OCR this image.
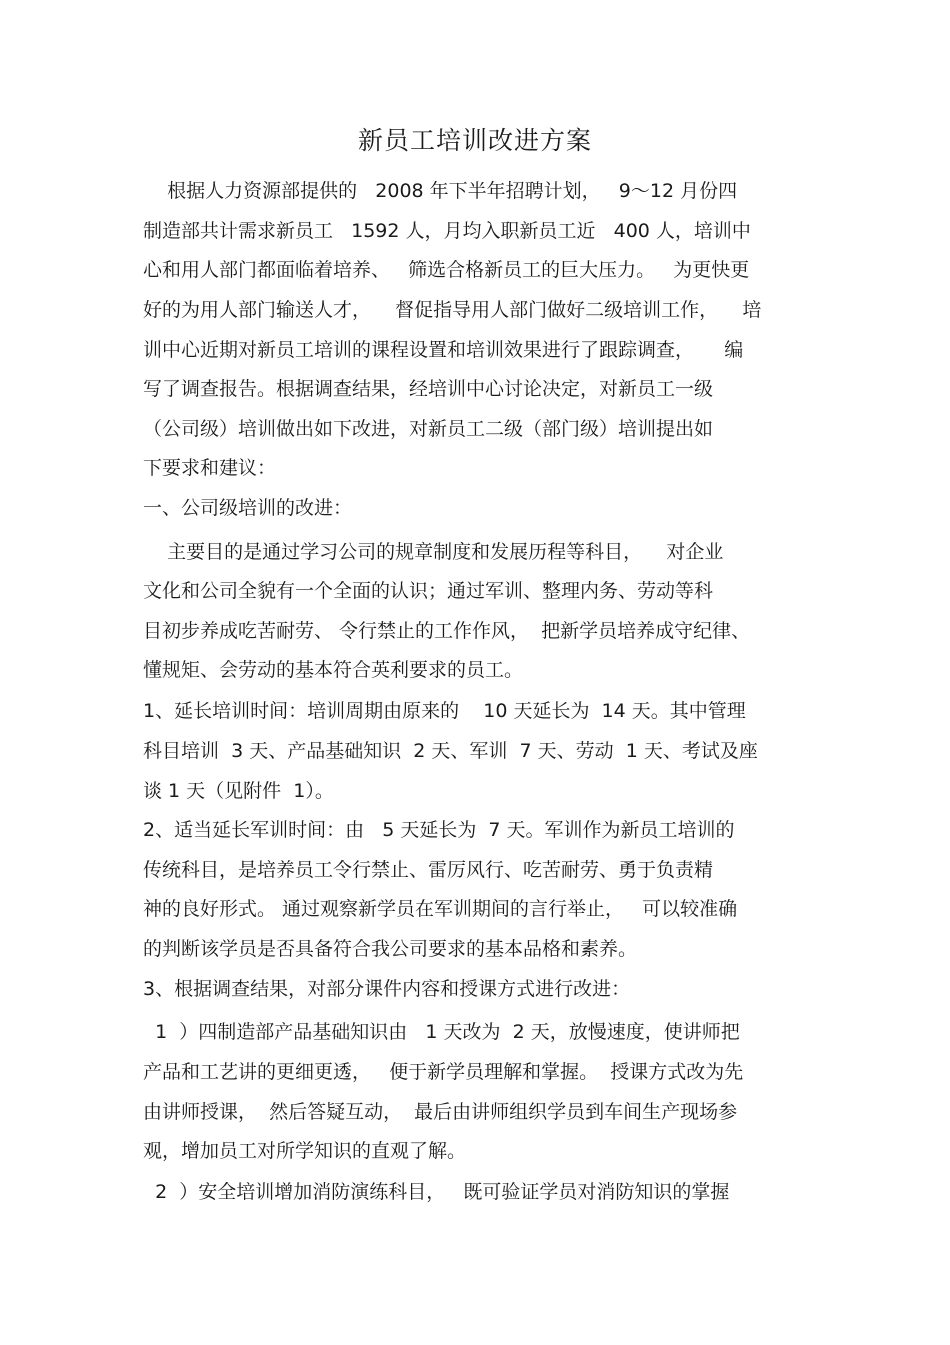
新员工培训改进方案

根据人力资源部提供的   2008 年下半年招聘计划，   9～12 月份四

制造部共计需求新员工   1592 人，月均入职新员工近   400 人，培训中

心和用人部门都面临着培养、   筛选合格新员工的巨大压力。   为更快更

好的为用人部门输送人才，    督促指导用人部门做好二级培训工作，    培

训中心近期对新员工培训的课程设置和培训效果进行了跟踪调查，     编

写了调查报告。根据调查结果，经培训中心讨论决定，对新员工一级

（公司级）培训做出如下改进，对新员工二级（部门级）培训提出如

下要求和建议：

一、公司级培训的改进：

主要目的是通过学习公司的规章制度和发展历程等科目，    对企业

文化和公司全貌有一个全面的认识；通过军训、整理内务、劳动等科

目初步养成吃苦耐劳、 令行禁止的工作作风，  把新学员培养成守纪律、

懂规矩、会劳动的基本符合英利要求的员工。

1、延长培训时间：培训周期由原来的    10 天延长为  14 天。其中管理

科目培训  3 天、产品基础知识  2 天、军训  7 天、劳动  1 天、考试及座

谈 1 天（见附件  1）。

2、适当延长军训时间：由   5 天延长为  7 天。军训作为新员工培训的

传统科目，是培养员工令行禁止、雷厉风行、吃苦耐劳、勇于负责精

神的良好形式。 通过观察新学员在军训期间的言行举止，   可以较准确

的判断该学员是否具备符合我公司要求的基本品格和素养。

3、根据调查结果，对部分课件内容和授课方式进行改进：

1  ）四制造部产品基础知识由   1 天改为  2 天，放慢速度，使讲师把

产品和工艺讲的更细更透，   便于新学员理解和掌握。  授课方式改为先

由讲师授课，  然后答疑互动，  最后由讲师组织学员到车间生产现场参

观，增加员工对所学知识的直观了解。

2  ）安全培训增加消防演练科目，   既可验证学员对消防知识的掌握
